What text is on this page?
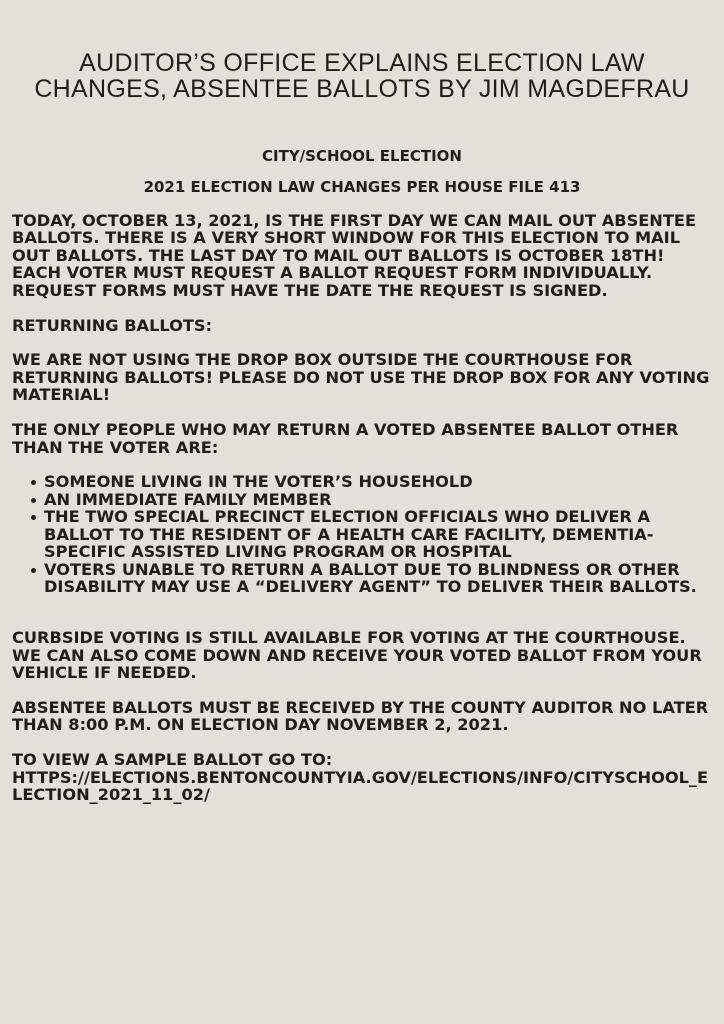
AUDITOR’S OFFICE EXPLAINS ELECTION LAW
CHANGES, ABSENTEE BALLOTS BY JIM MAGDEFRAU
CITY/SCHOOL ELECTION
2021 ELECTION LAW CHANGES PER HOUSE FILE 413

TODAY, OCTOBER 13, 2021, IS THE FIRST DAY WE CAN MAIL OUT ABSENTEE BALLOTS. THERE IS A VERY SHORT WINDOW FOR THIS ELECTION TO MAIL OUT BALLOTS. THE LAST DAY TO MAIL OUT BALLOTS IS OCTOBER 18TH! EACH VOTER MUST REQUEST A BALLOT REQUEST FORM INDIVIDUALLY. REQUEST FORMS MUST HAVE THE DATE THE REQUEST IS SIGNED.

RETURNING BALLOTS:

WE ARE NOT USING THE DROP BOX OUTSIDE THE COURTHOUSE FOR RETURNING BALLOTS! PLEASE DO NOT USE THE DROP BOX FOR ANY VOTING MATERIAL!

THE ONLY PEOPLE WHO MAY RETURN A VOTED ABSENTEE BALLOT OTHER THAN THE VOTER ARE:

SOMEONE LIVING IN THE VOTER’S HOUSEHOLD
AN IMMEDIATE FAMILY MEMBER
THE TWO SPECIAL PRECINCT ELECTION OFFICIALS WHO DELIVER A BALLOT TO THE RESIDENT OF A HEALTH CARE FACILITY, DEMENTIA-SPECIFIC ASSISTED LIVING PROGRAM OR HOSPITAL
VOTERS UNABLE TO RETURN A BALLOT DUE TO BLINDNESS OR OTHER DISABILITY MAY USE A “DELIVERY AGENT” TO DELIVER THEIR BALLOTS.

CURBSIDE VOTING IS STILL AVAILABLE FOR VOTING AT THE COURTHOUSE. WE CAN ALSO COME DOWN AND RECEIVE YOUR VOTED BALLOT FROM YOUR VEHICLE IF NEEDED.

ABSENTEE BALLOTS MUST BE RECEIVED BY THE COUNTY AUDITOR NO LATER THAN 8:00 P.M. ON ELECTION DAY NOVEMBER 2, 2021.

TO VIEW A SAMPLE BALLOT GO TO:

HTTPS://ELECTIONS.BENTONCOUNTYIA.GOV/ELECTIONS/INFO/CITYSCHOOL_ELECTION_2021_11_02/
